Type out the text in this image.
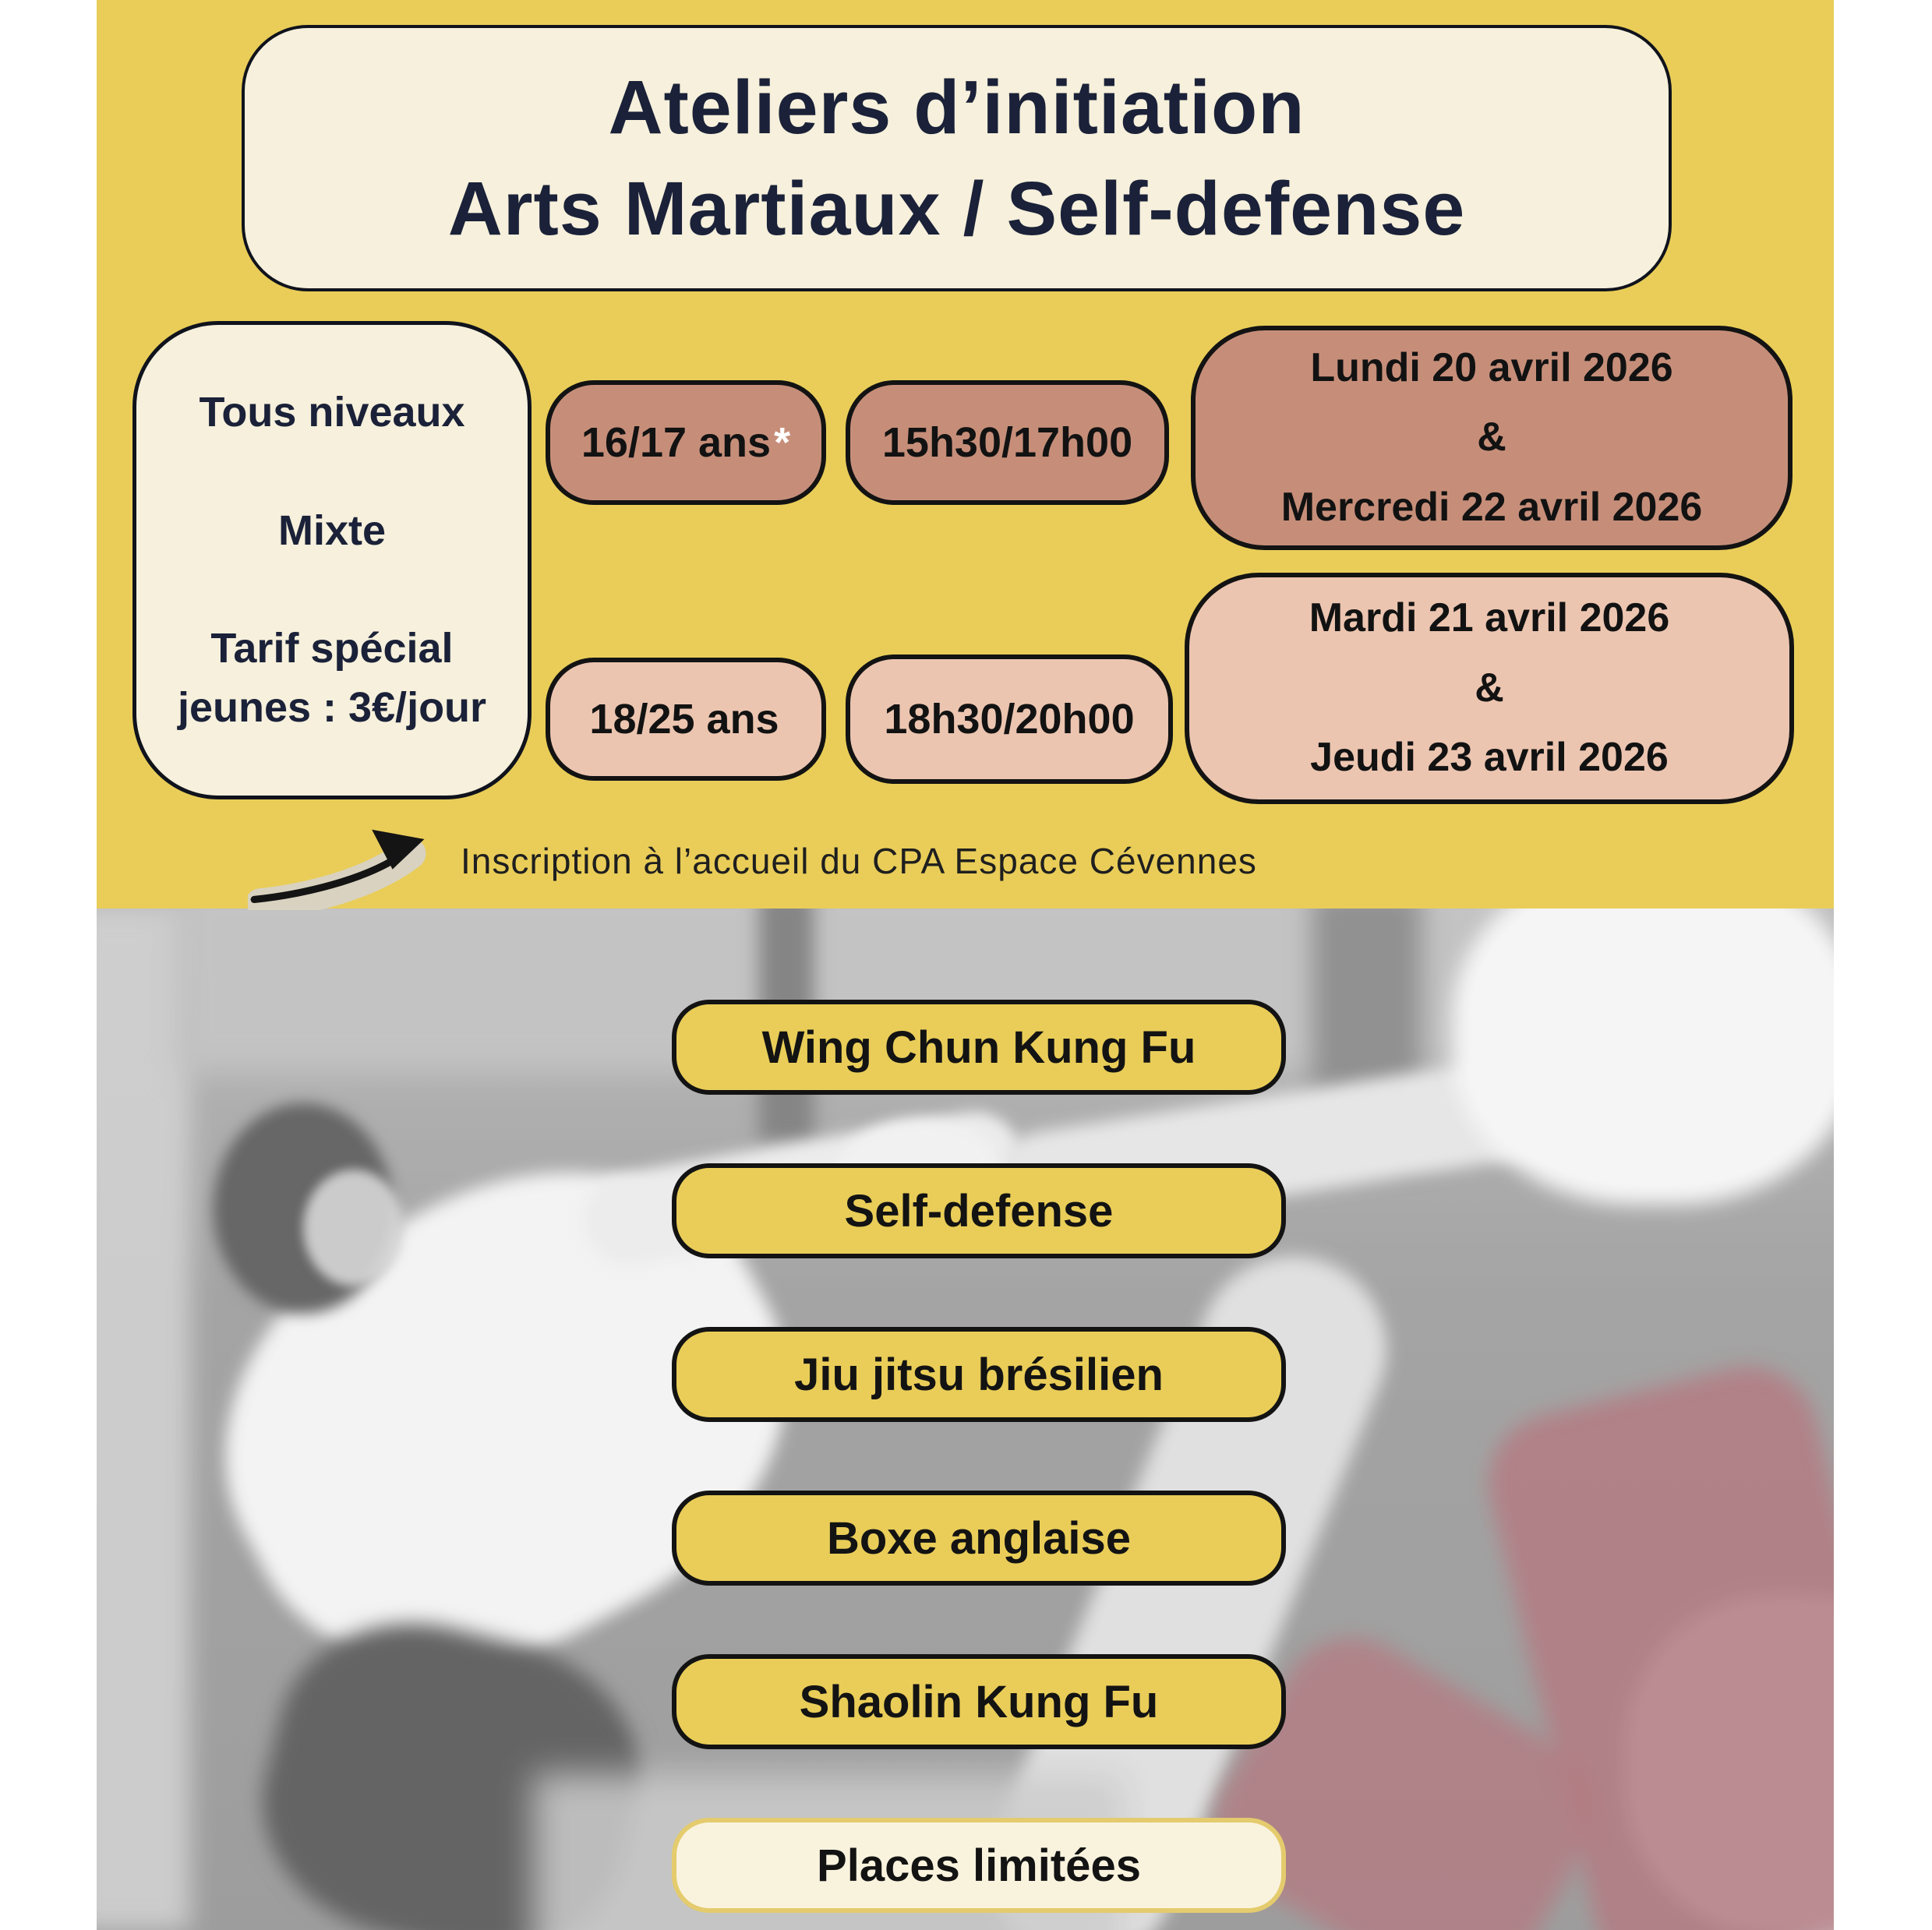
Ateliers d’initiation
Arts Martiaux / Self-defense
Tous niveaux
Mixte
Tarif spécial
jeunes : 3€/jour
16/17 ans * 15h30/17h00
Lundi 20 avril 2026
&
Mercredi 22 avril 2026
18/25 ans 18h30/20h00
Mardi 21 avril 2026
&
Jeudi 23 avril 2026
Inscription à l’accueil du CPA Espace Cévennes
Wing Chun Kung Fu
Self-defense
Jiu jitsu brésilien
Boxe anglaise
Shaolin Kung Fu
Places limitées
